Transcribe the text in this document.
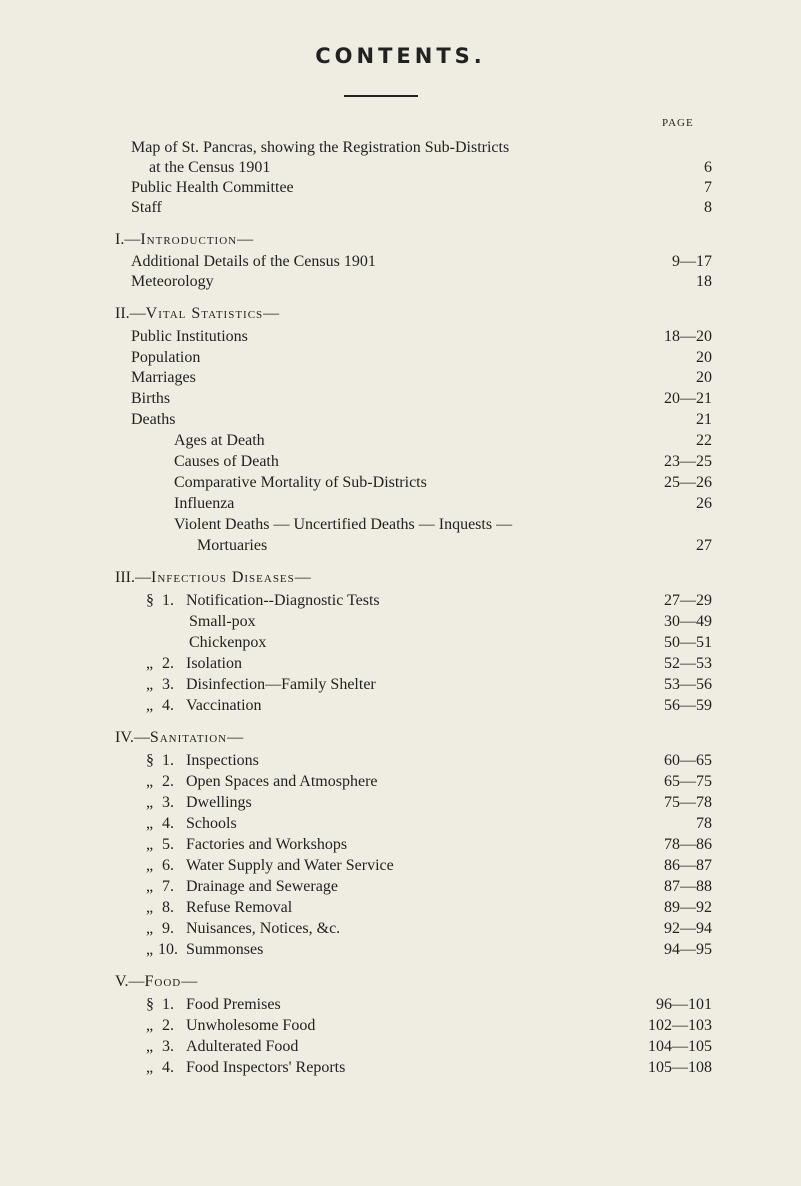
CONTENTS.
PAGE
Map of St. Pancras, showing the Registration Sub-Districts
at the Census 1901	6
Public Health Committee	7
Staff	8
I.—Introduction—
Additional Details of the Census 1901	9—17
Meteorology	18
II.—Vital Statistics—
Public Institutions	18—20
Population	20
Marriages	20
Births	20—21
Deaths	21
Ages at Death	22
Causes of Death	23—25
Comparative Mortality of Sub-Districts	25—26
Influenza	26
Violent Deaths — Uncertified Deaths — Inquests —
Mortuaries	27
III.—Infectious Diseases—
§ 1. Notification--Diagnostic Tests	27—29
Small-pox	30—49
Chickenpox	50—51
„ 2. Isolation	52—53
„ 3. Disinfection—Family Shelter	53—56
„ 4. Vaccination	56—59
IV.—Sanitation—
§ 1. Inspections	60—65
„ 2. Open Spaces and Atmosphere	65—75
„ 3. Dwellings	75—78
„ 4. Schools	78
„ 5. Factories and Workshops	78—86
„ 6. Water Supply and Water Service	86—87
„ 7. Drainage and Sewerage	87—88
„ 8. Refuse Removal	89—92
„ 9. Nuisances, Notices, &c.	92—94
„ 10. Summonses	94—95
V.—Food—
§ 1. Food Premises	96—101
„ 2. Unwholesome Food	102—103
„ 3. Adulterated Food	104—105
„ 4. Food Inspectors' Reports	105—108
